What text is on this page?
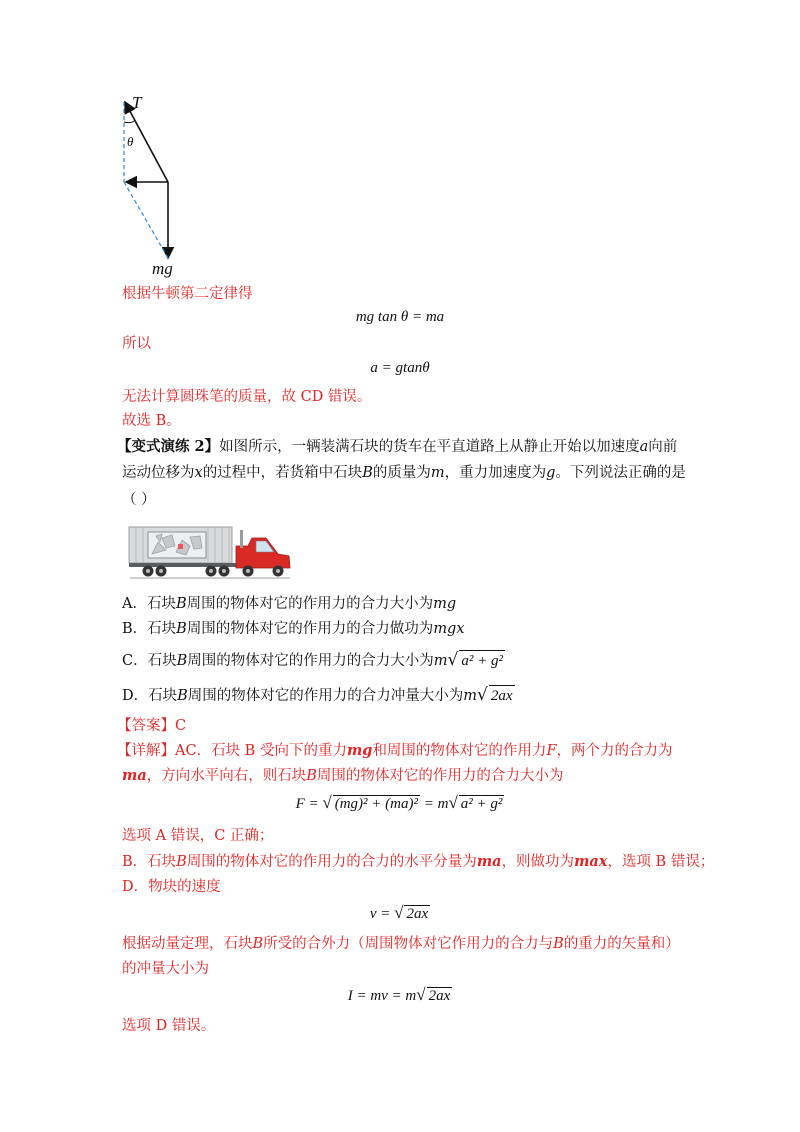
T
θ
mg
根据牛顿第二定律得
mg tan θ = ma
所以
a = gtanθ
无法计算圆珠笔的质量，故 CD 错误。
故选 B。
【变式演练 2】如图所示，一辆装满石块的货车在平直道路上从静止开始以加速度a向前
运动位移为x的过程中，若货箱中石块B的质量为m，重力加速度为g。下列说法正确的是
（ ）
A．石块B周围的物体对它的作用力的合力大小为mg
B．石块B周围的物体对它的作用力的合力做功为mgx
C．石块B周围的物体对它的作用力的合力大小为m√ a² + g²
D．石块B周围的物体对它的作用力的合力冲量大小为m√ 2ax
【答案】C
【详解】AC．石块 B 受向下的重力mg和周围的物体对它的作用力F，两个力的合力为
ma，方向水平向右，则石块B周围的物体对它的作用力的合力大小为
F = √ (mg)² + (ma)² = m√ a² + g²
选项 A 错误，C 正确；
B．石块B周围的物体对它的作用力的合力的水平分量为ma，则做功为max，选项 B 错误；
D．物块的速度
v = √ 2ax
根据动量定理，石块B所受的合外力（周围物体对它作用力的合力与B的重力的矢量和）
的冲量大小为
I = mv = m√ 2ax
选项 D 错误。
